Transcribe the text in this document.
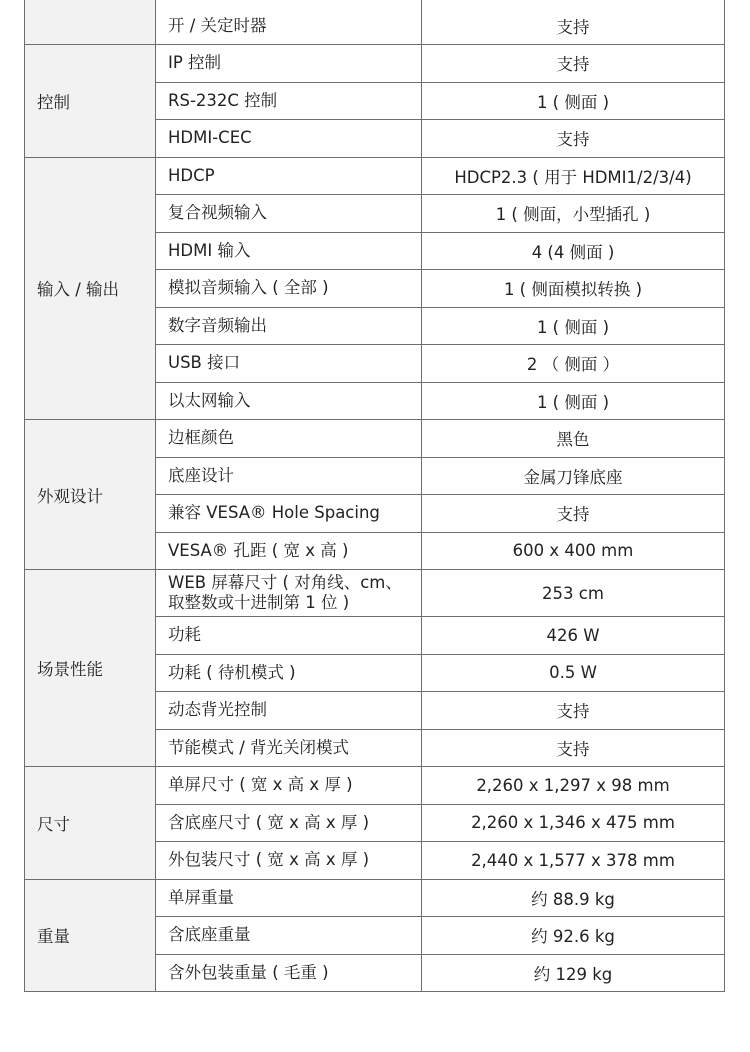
	开 / 关定时器	支持
控制	IP 控制	支持
	RS-232C 控制	1 ( 侧面 )
	HDMI-CEC	支持
输入 / 输出	HDCP	HDCP2.3 ( 用于 HDMI1/2/3/4)
	复合视频输入	1 ( 侧面，小型插孔 )
	HDMI 输入	4 (4 侧面 )
	模拟音频输入 ( 全部 )	1 ( 侧面模拟转换 )
	数字音频输出	1 ( 侧面 )
	USB 接口	2 （ 侧面 ）
	以太网输入	1 ( 侧面 )
外观设计	边框颜色	黑色
	底座设计	金属刀锋底座
	兼容 VESA® Hole Spacing	支持
	VESA® 孔距 ( 宽 x 高 )	600 x 400 mm
场景性能	WEB 屏幕尺寸 ( 对角线、cm、
取整数或十进制第 1 位 )	253 cm
	功耗	426 W
	功耗 ( 待机模式 )	0.5 W
	动态背光控制	支持
	节能模式 / 背光关闭模式	支持
尺寸	单屏尺寸 ( 宽 x 高 x 厚 )	2,260 x 1,297 x 98 mm
	含底座尺寸 ( 宽 x 高 x 厚 )	2,260 x 1,346 x 475 mm
	外包装尺寸 ( 宽 x 高 x 厚 )	2,440 x 1,577 x 378 mm
重量	单屏重量	约 88.9 kg
	含底座重量	约 92.6 kg
	含外包装重量 ( 毛重 )	约 129 kg
